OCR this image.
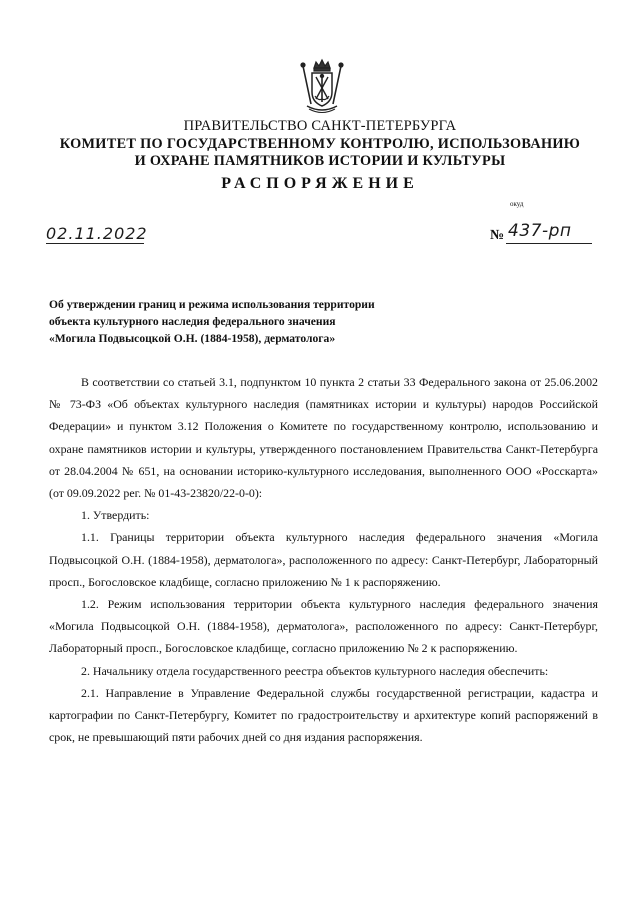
ПРАВИТЕЛЬСТВО САНКТ-ПЕТЕРБУРГА
КОМИТЕТ ПО ГОСУДАРСТВЕННОМУ КОНТРОЛЮ, ИСПОЛЬЗОВАНИЮ
И ОХРАНЕ ПАМЯТНИКОВ ИСТОРИИ И КУЛЬТУРЫ
РАСПОРЯЖЕНИЕ
окуд
02.11.2022	№ 437-рп
Об утверждении границ и режима использования территории
объекта культурного наследия федерального значения
«Могила Подвысоцкой О.Н. (1884-1958), дерматолога»

В соответствии со статьей 3.1, подпунктом 10 пункта 2 статьи 33 Федерального закона от 25.06.2002 № 73-ФЗ «Об объектах культурного наследия (памятниках истории и культуры) народов Российской Федерации» и пунктом 3.12 Положения о Комитете по государственному контролю, использованию и охране памятников истории и культуры, утвержденного постановлением Правительства Санкт-Петербурга от 28.04.2004 № 651, на основании историко-культурного исследования, выполненного ООО «Росскарта» (от 09.09.2022 рег. № 01-43-23820/22-0-0):

1. Утвердить:

1.1. Границы территории объекта культурного наследия федерального значения «Могила Подвысоцкой О.Н. (1884-1958), дерматолога», расположенного по адресу: Санкт-Петербург, Лабораторный просп., Богословское кладбище, согласно приложению № 1 к распоряжению.

1.2. Режим использования территории объекта культурного наследия федерального значения «Могила Подвысоцкой О.Н. (1884-1958), дерматолога», расположенного по адресу: Санкт-Петербург, Лабораторный просп., Богословское кладбище, согласно приложению № 2 к распоряжению.

2. Начальнику отдела государственного реестра объектов культурного наследия обеспечить:

2.1. Направление в Управление Федеральной службы государственной регистрации, кадастра и картографии по Санкт-Петербургу, Комитет по градостроительству и архитектуре копий распоряжений в срок, не превышающий пяти рабочих дней со дня издания распоряжения.
